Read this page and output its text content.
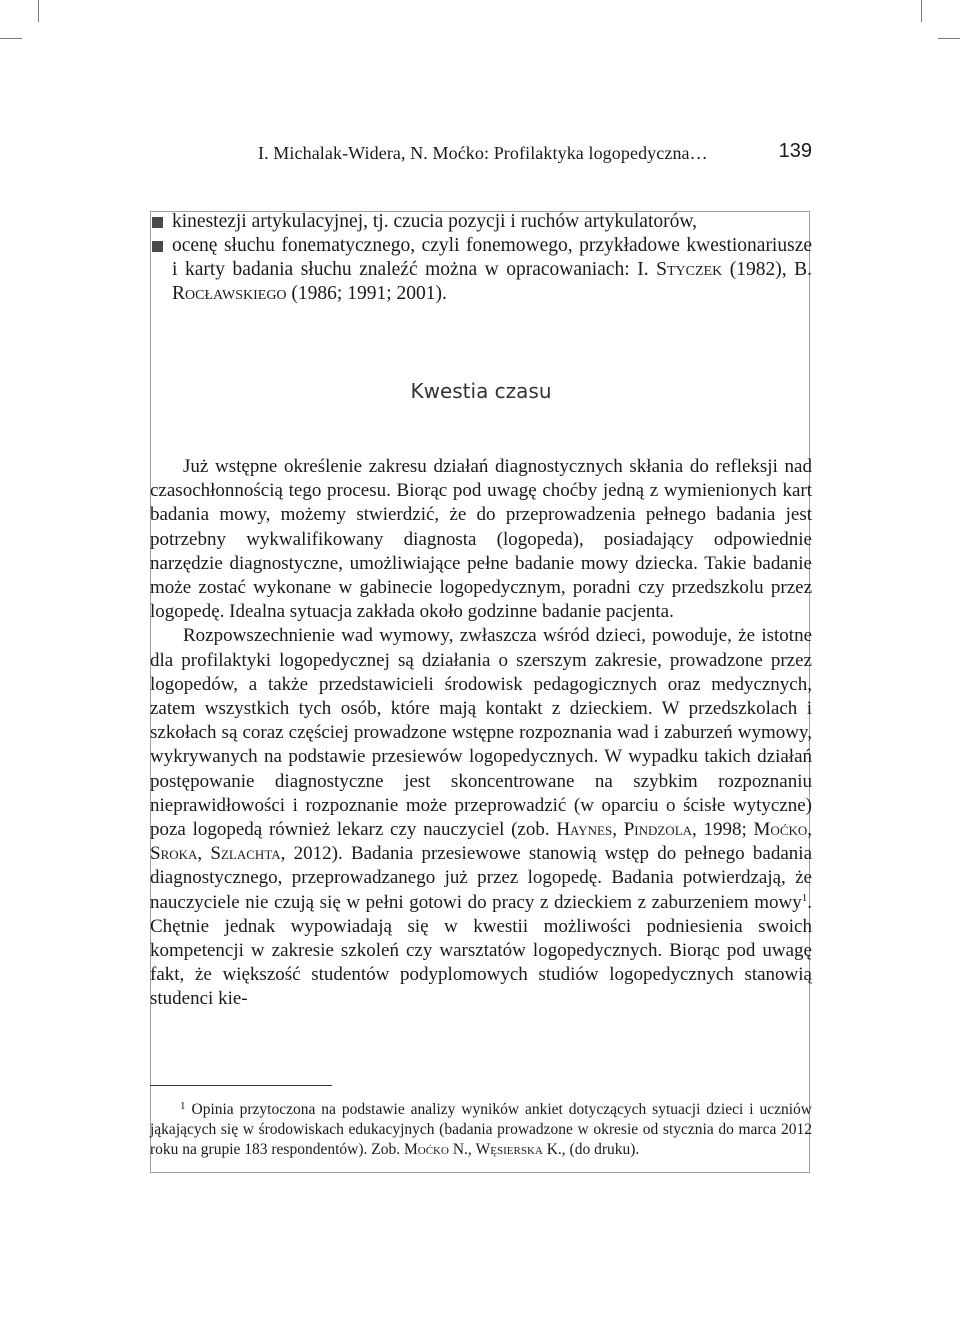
I. Michalak-Widera, N. Moćko: Profilaktyka logopedyczna…	139
kinestezji artykulacyjnej, tj. czucia pozycji i ruchów artykulatorów,
ocenę słuchu fonematycznego, czyli fonemowego, przykładowe kwestionariusze i karty badania słuchu znaleźć można w opracowaniach: I. Styczek (1982), B. Rocławskiego (1986; 1991; 2001).
Kwestia czasu

Już wstępne określenie zakresu działań diagnostycznych skłania do refleksji nad czasochłonnością tego procesu. Biorąc pod uwagę choćby jedną z wymienionych kart badania mowy, możemy stwierdzić, że do przeprowadzenia pełnego badania jest potrzebny wykwalifikowany diagnosta (logopeda), posiadający odpowiednie narzędzie diagnostyczne, umożliwiające pełne badanie mowy dziecka. Takie badanie może zostać wykonane w gabinecie logopedycznym, poradni czy przedszkolu przez logopedę. Idealna sytuacja zakłada około godzinne badanie pacjenta.

Rozpowszechnienie wad wymowy, zwłaszcza wśród dzieci, powoduje, że istotne dla profilaktyki logopedycznej są działania o szerszym zakresie, prowadzone przez logopedów, a także przedstawicieli środowisk pedagogicznych oraz medycznych, zatem wszystkich tych osób, które mają kontakt z dzieckiem. W przedszkolach i szkołach są coraz częściej prowadzone wstępne rozpoznania wad i zaburzeń wymowy, wykrywanych na podstawie przesiewów logopedycznych. W wypadku takich działań postępowanie diagnostyczne jest skoncentrowane na szybkim rozpoznaniu nieprawidłowości i rozpoznanie może przeprowadzić (w oparciu o ścisłe wytyczne) poza logopedą również lekarz czy nauczyciel (zob. Haynes, Pindzola, 1998; Moćko, Sroka, Szlachta, 2012). Badania przesiewowe stanowią wstęp do pełnego badania diagnostycznego, przeprowadzanego już przez logopedę. Badania potwierdzają, że nauczyciele nie czują się w pełni gotowi do pracy z dzieckiem z zaburzeniem mowy$^1$. Chętnie jednak wypowiadają się w kwestii możliwości podniesienia swoich kompetencji w zakresie szkoleń czy warsztatów logopedycznych. Biorąc pod uwagę fakt, że większość studentów podyplomowych studiów logopedycznych stanowią studenci kie-

$^1$ Opinia przytoczona na podstawie analizy wyników ankiet dotyczących sytuacji dzieci i uczniów jąkających się w środowiskach edukacyjnych (badania prowadzone w okresie od stycznia do marca 2012 roku na grupie 183 respondentów). Zob. Moćko N., Węsierska K., (do druku).
